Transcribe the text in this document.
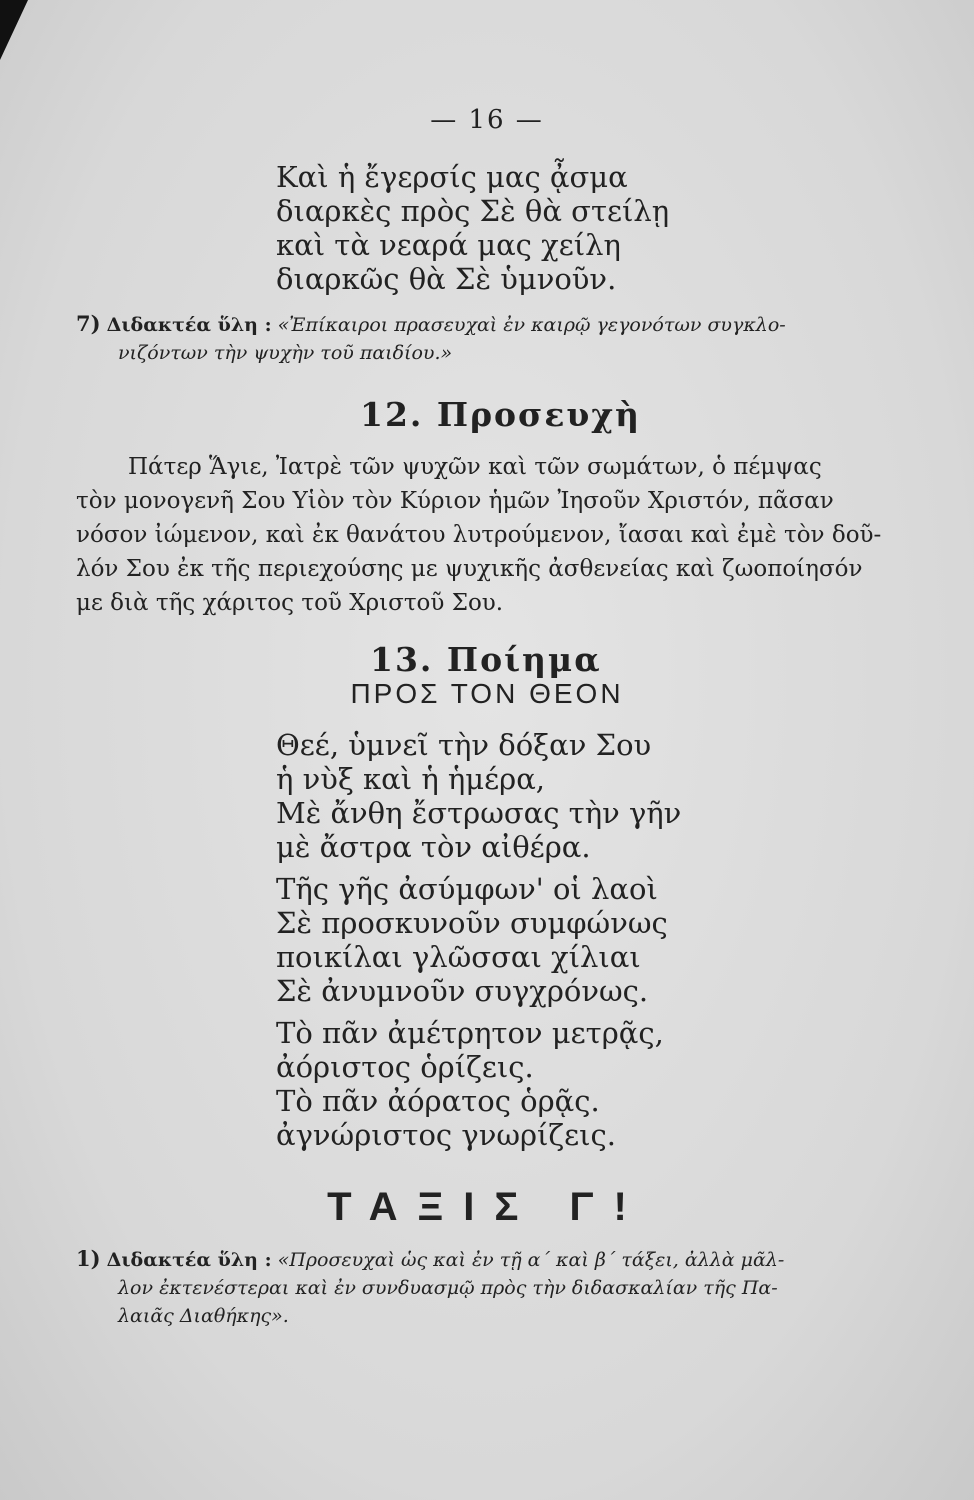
— 16 —
Καὶ ἡ ἔγερσίς μας ᾆσμα
διαρκὲς πρὸς Σὲ θὰ στείλῃ
καὶ τὰ νεαρά μας χείλη
διαρκῶς θὰ Σὲ ὑμνοῦν.
7) Διδακτέα ὕλη : «Ἐπίκαιροι πρασευχαὶ ἐν καιρῷ γεγονότων συγκλο-
νιζόντων τὴν ψυχὴν τοῦ παιδίου.»
12. Προσευχὴ
Πάτερ Ἅγιε, Ἰατρὲ τῶν ψυχῶν καὶ τῶν σωμάτων, ὁ πέμψας
τὸν μονογενῆ Σου Υἱὸν τὸν Κύριον ἡμῶν Ἰησοῦν Χριστόν, πᾶσαν
νόσον ἰώμενον, καὶ ἐκ θανάτου λυτρούμενον, ἴασαι καὶ ἐμὲ τὸν δοῦ-
λόν Σου ἐκ τῆς περιεχούσης με ψυχικῆς ἀσθενείας καὶ ζωοποίησόν
με διὰ τῆς χάριτος τοῦ Χριστοῦ Σου.
13. Ποίημα
ΠΡΟΣ ΤΟΝ ΘΕΟΝ
Θεέ, ὑμνεῖ τὴν δόξαν Σου
ἡ νὺξ καὶ ἡ ἡμέρα,
Μὲ ἄνθη ἔστρωσας τὴν γῆν
μὲ ἄστρα τὸν αἰθέρα.
Τῆς γῆς ἀσύμφων' οἱ λαοὶ
Σὲ προσκυνοῦν συμφώνως
ποικίλαι γλῶσσαι χίλιαι
Σὲ ἀνυμνοῦν συγχρόνως.
Τὸ πᾶν ἀμέτρητον μετρᾷς,
ἀόριστος ὁρίζεις.
Τὸ πᾶν ἀόρατος ὁρᾷς.
ἀγνώριστος γνωρίζεις.
ΤΑΞΙΣ Γ!
1) Διδακτέα ὕλη : «Προσευχαὶ ὡς καὶ ἐν τῇ α΄ καὶ β΄ τάξει, ἀλλὰ μᾶλ-
λον ἐκτενέστεραι καὶ ἐν συνδυασμῷ πρὸς τὴν διδασκαλίαν τῆς Πα-
λαιᾶς Διαθήκης».
